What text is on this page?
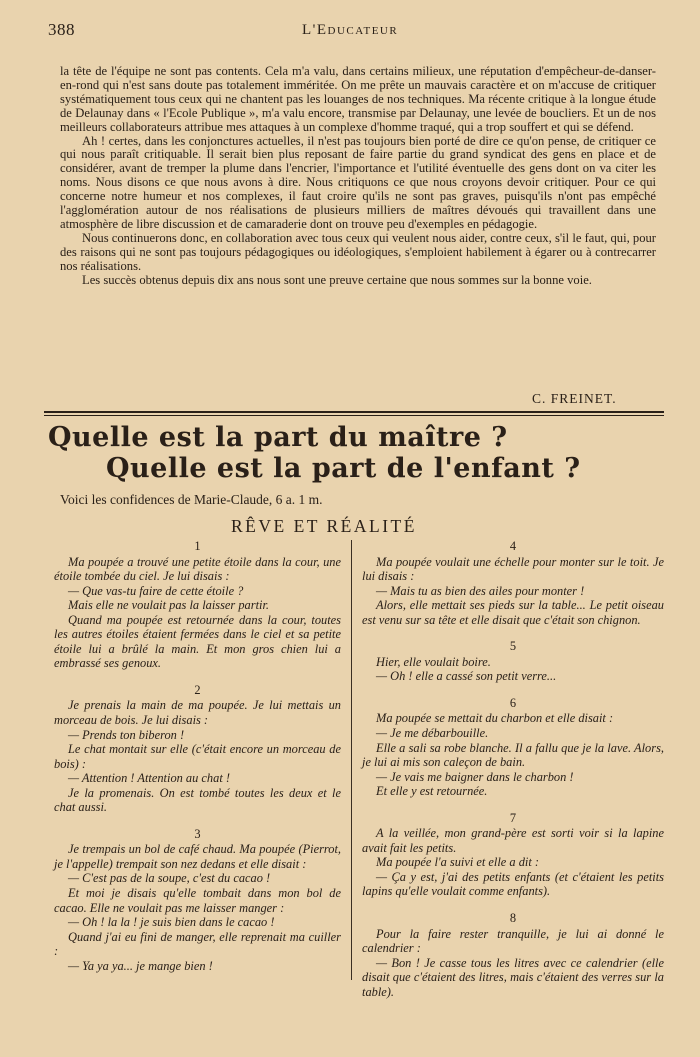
388	L'Educateur

la tête de l'équipe ne sont pas contents. Cela m'a valu, dans certains milieux, une réputation d'empêcheur-de-danser-en-rond qui n'est sans doute pas totalement imméritée. On me prête un mauvais caractère et on m'accuse de critiquer systématiquement tous ceux qui ne chantent pas les louanges de nos techniques. Ma récente critique à la longue étude de Delaunay dans « l'Ecole Publique », m'a valu encore, transmise par Delaunay, une levée de boucliers. Et un de nos meilleurs collaborateurs attribue mes attaques à un complexe d'homme traqué, qui a trop souffert et qui se défend.

Ah ! certes, dans les conjonctures actuelles, il n'est pas toujours bien porté de dire ce qu'on pense, de critiquer ce qui nous paraît critiquable. Il serait bien plus reposant de faire partie du grand syndicat des gens en place et de considérer, avant de tremper la plume dans l'encrier, l'importance et l'utilité éventuelle des gens dont on va citer les noms. Nous disons ce que nous avons à dire. Nous critiquons ce que nous croyons devoir critiquer. Pour ce qui concerne notre humeur et nos complexes, il faut croire qu'ils ne sont pas graves, puisqu'ils n'ont pas empêché l'agglomération autour de nos réalisations de plusieurs milliers de maîtres dévoués qui travaillent dans une atmosphère de libre discussion et de camaraderie dont on trouve peu d'exemples en pédagogie.

Nous continuerons donc, en collaboration avec tous ceux qui veulent nous aider, contre ceux, s'il le faut, qui, pour des raisons qui ne sont pas toujours pédagogiques ou idéologiques, s'emploient habilement à égarer ou à contrecarrer nos réalisations.

Les succès obtenus depuis dix ans nous sont une preuve certaine que nous sommes sur la bonne voie.

C. FREINET.
Quelle est la part du maître ?
Quelle est la part de l'enfant ?
Voici les confidences de Marie-Claude, 6 a. 1 m.
RÊVE ET RÉALITÉ
1

Ma poupée a trouvé une petite étoile dans la cour, une étoile tombée du ciel. Je lui disais :

— Que vas-tu faire de cette étoile ?

Mais elle ne voulait pas la laisser partir.

Quand ma poupée est retournée dans la cour, toutes les autres étoiles étaient fermées dans le ciel et sa petite étoile lui a brûlé la main. Et mon gros chien lui a embrassé ses genoux.

2

Je prenais la main de ma poupée. Je lui mettais un morceau de bois. Je lui disais :

— Prends ton biberon !

Le chat montait sur elle (c'était encore un morceau de bois) :

— Attention ! Attention au chat !

Je la promenais. On est tombé toutes les deux et le chat aussi.

3

Je trempais un bol de café chaud. Ma poupée (Pierrot, je l'appelle) trempait son nez dedans et elle disait :

— C'est pas de la soupe, c'est du cacao !

Et moi je disais qu'elle tombait dans mon bol de cacao. Elle ne voulait pas me laisser manger :

— Oh ! la la ! je suis bien dans le cacao !

Quand j'ai eu fini de manger, elle reprenait ma cuiller :

— Ya ya ya... je mange bien !

4

Ma poupée voulait une échelle pour monter sur le toit. Je lui disais :

— Mais tu as bien des ailes pour monter !

Alors, elle mettait ses pieds sur la table... Le petit oiseau est venu sur sa tête et elle disait que c'était son chignon.

5

Hier, elle voulait boire.

— Oh ! elle a cassé son petit verre...

6

Ma poupée se mettait du charbon et elle disait :

— Je me débarbouille.

Elle a sali sa robe blanche. Il a fallu que je la lave. Alors, je lui ai mis son caleçon de bain.

— Je vais me baigner dans le charbon !

Et elle y est retournée.

7

A la veillée, mon grand-père est sorti voir si la lapine avait fait les petits.

Ma poupée l'a suivi et elle a dit :

— Ça y est, j'ai des petits enfants (et c'étaient les petits lapins qu'elle voulait comme enfants).

8

Pour la faire rester tranquille, je lui ai donné le calendrier :

— Bon ! Je casse tous les litres avec ce calendrier (elle disait que c'étaient des litres, mais c'étaient des verres sur la table).
